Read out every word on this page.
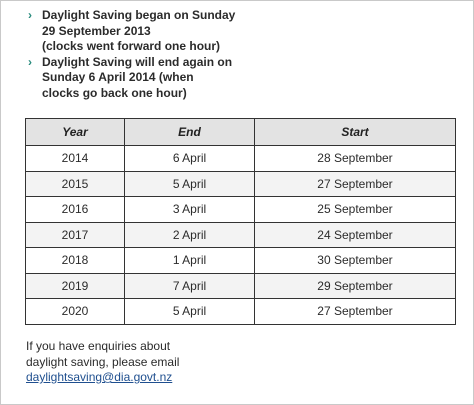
› Daylight Saving began on Sunday
29 September 2013
(clocks went forward one hour)
› Daylight Saving will end again on
Sunday 6 April 2014 (when
clocks go back one hour)
Year	End	Start
2014	6 April	28 September
2015	5 April	27 September
2016	3 April	25 September
2017	2 April	24 September
2018	1 April	30 September
2019	7 April	29 September
2020	5 April	27 September
If you have enquiries about
daylight saving, please email
daylightsaving@dia.govt.nz
